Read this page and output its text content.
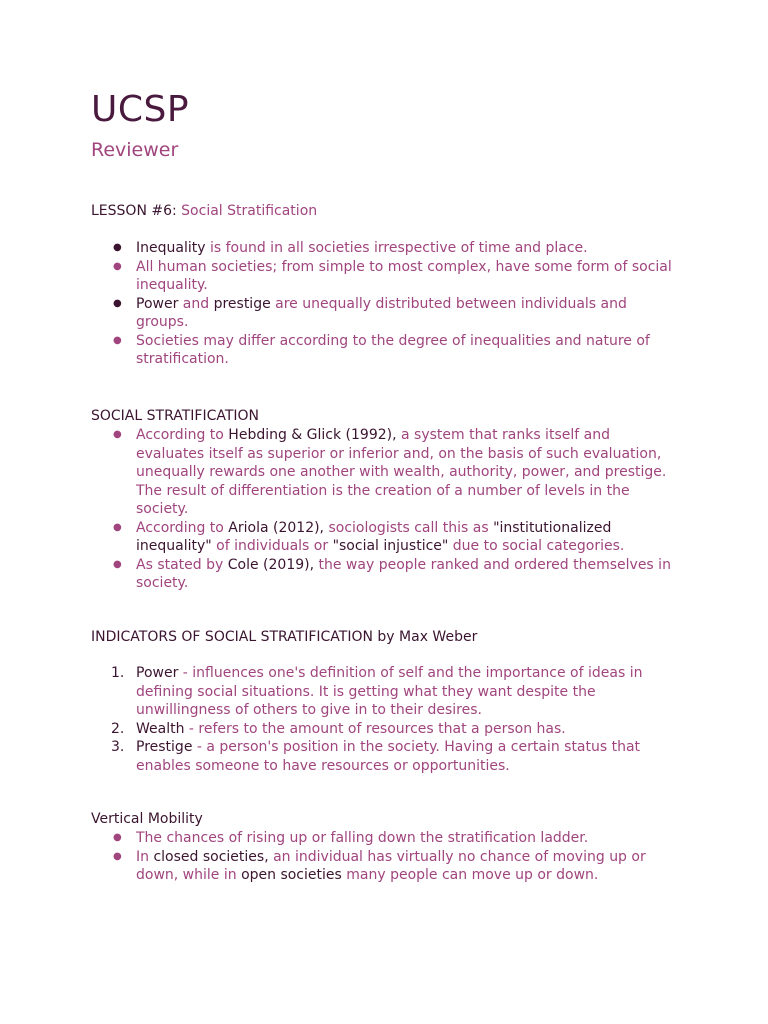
UCSP

Reviewer

LESSON #6: Social Stratification

● Inequality is found in all societies irrespective of time and place.
● All human societies; from simple to most complex, have some form of social inequality.
● Power and prestige are unequally distributed between individuals and groups.
● Societies may differ according to the degree of inequalities and nature of stratification.

SOCIAL STRATIFICATION

● According to Hebding & Glick (1992), a system that ranks itself and evaluates itself as superior or inferior and, on the basis of such evaluation, unequally rewards one another with wealth, authority, power, and prestige. The result of differentiation is the creation of a number of levels in the society.
● According to Ariola (2012), sociologists call this as "institutionalized inequality" of individuals or "social injustice" due to social categories.
● As stated by Cole (2019), the way people ranked and ordered themselves in society.

INDICATORS OF SOCIAL STRATIFICATION by Max Weber

1. Power - influences one's definition of self and the importance of ideas in defining social situations. It is getting what they want despite the unwillingness of others to give in to their desires.
2. Wealth - refers to the amount of resources that a person has.
3. Prestige - a person's position in the society. Having a certain status that enables someone to have resources or opportunities.

Vertical Mobility

● The chances of rising up or falling down the stratification ladder.
● In closed societies, an individual has virtually no chance of moving up or down, while in open societies many people can move up or down.
